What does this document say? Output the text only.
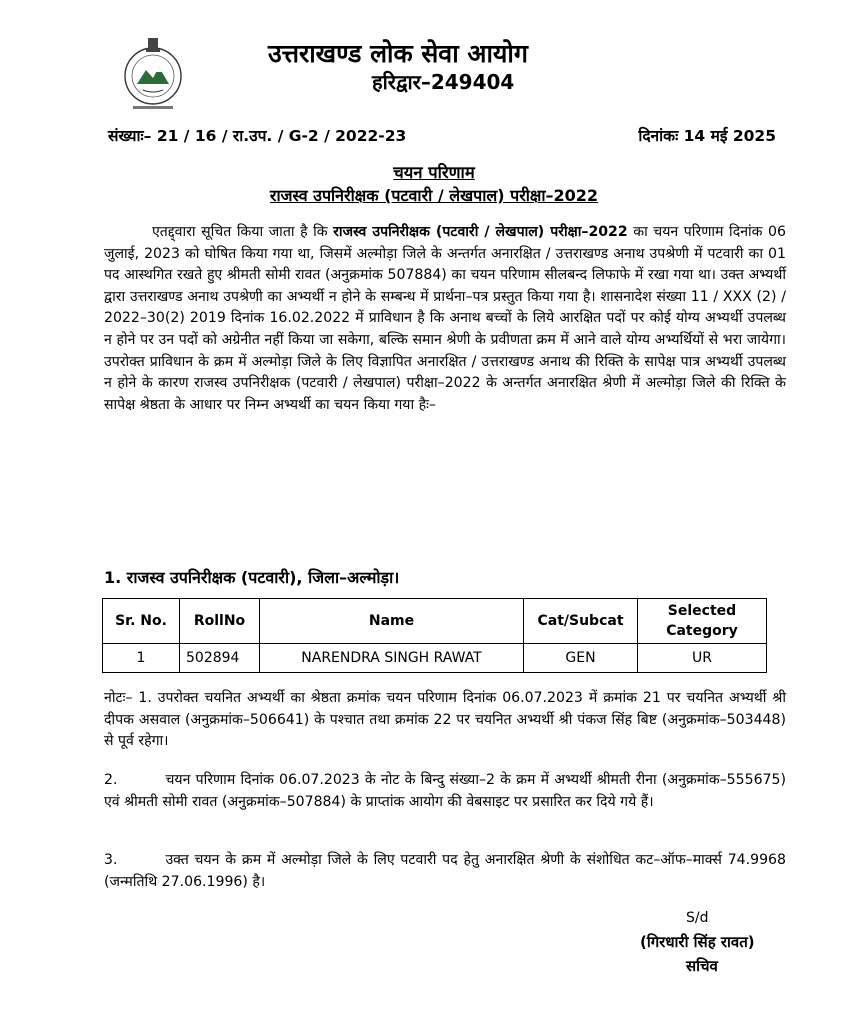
उत्तराखण्ड लोक सेवा आयोग
हरिद्वार–249404
संख्याः– 21 / 16 / रा.उप. / G-2 / 2022-23	दिनांकः 14 मई 2025
चयन परिणाम
राजस्व उपनिरीक्षक (पटवारी / लेखपाल) परीक्षा–2022
एतद्द्वारा सूचित किया जाता है कि राजस्व उपनिरीक्षक (पटवारी / लेखपाल) परीक्षा–2022 का चयन परिणाम दिनांक 06 जुलाई, 2023 को घोषित किया गया था, जिसमें अल्मोड़ा जिले के अन्तर्गत अनारक्षित / उत्तराखण्ड अनाथ उपश्रेणी में पटवारी का 01 पद आस्थगित रखते हुए श्रीमती सोमी रावत (अनुक्रमांक 507884) का चयन परिणाम सीलबन्द लिफाफे में रखा गया था। उक्त अभ्यर्थी द्वारा उत्तराखण्ड अनाथ उपश्रेणी का अभ्यर्थी न होने के सम्बन्ध में प्रार्थना–पत्र प्रस्तुत किया गया है। शासनादेश संख्या 11 / XXX (2) / 2022–30(2) 2019 दिनांक 16.02.2022 में प्राविधान है कि अनाथ बच्चों के लिये आरक्षित पदों पर कोई योग्य अभ्यर्थी उपलब्ध न होने पर उन पदों को अग्रेनीत नहीं किया जा सकेगा, बल्कि समान श्रेणी के प्रवीणता क्रम में आने वाले योग्य अभ्यर्थियों से भरा जायेगा। उपरोक्त प्राविधान के क्रम में अल्मोड़ा जिले के लिए विज्ञापित अनारक्षित / उत्तराखण्ड अनाथ की रिक्ति के सापेक्ष पात्र अभ्यर्थी उपलब्ध न होने के कारण राजस्व उपनिरीक्षक (पटवारी / लेखपाल) परीक्षा–2022 के अन्तर्गत अनारक्षित श्रेणी में अल्मोड़ा जिले की रिक्ति के सापेक्ष श्रेष्ठता के आधार पर निम्न अभ्यर्थी का चयन किया गया हैः–
1. राजस्व उपनिरीक्षक (पटवारी), जिला–अल्मोड़ा।
Sr. No.	RollNo	Name	Cat/Subcat	Selected Category
1	502894	NARENDRA SINGH RAWAT	GEN	UR
नोटः– 1. उपरोक्त चयनित अभ्यर्थी का श्रेष्ठता क्रमांक चयन परिणाम दिनांक 06.07.2023 में क्रमांक 21 पर चयनित अभ्यर्थी श्री दीपक असवाल (अनुक्रमांक–506641) के पश्चात तथा क्रमांक 22 पर चयनित अभ्यर्थी श्री पंकज सिंह बिष्ट (अनुक्रमांक–503448) से पूर्व रहेगा।
2.	चयन परिणाम दिनांक 06.07.2023 के नोट के बिन्दु संख्या–2 के क्रम में अभ्यर्थी श्रीमती रीना (अनुक्रमांक–555675) एवं श्रीमती सोमी रावत (अनुक्रमांक–507884) के प्राप्तांक आयोग की वेबसाइट पर प्रसारित कर दिये गये हैं।
3.	उक्त चयन के क्रम में अल्मोड़ा जिले के लिए पटवारी पद हेतु अनारक्षित श्रेणी के संशोधित कट–ऑफ–मार्क्स 74.9968 (जन्मतिथि 27.06.1996) है।
S/d
(गिरधारी सिंह रावत)
सचिव
